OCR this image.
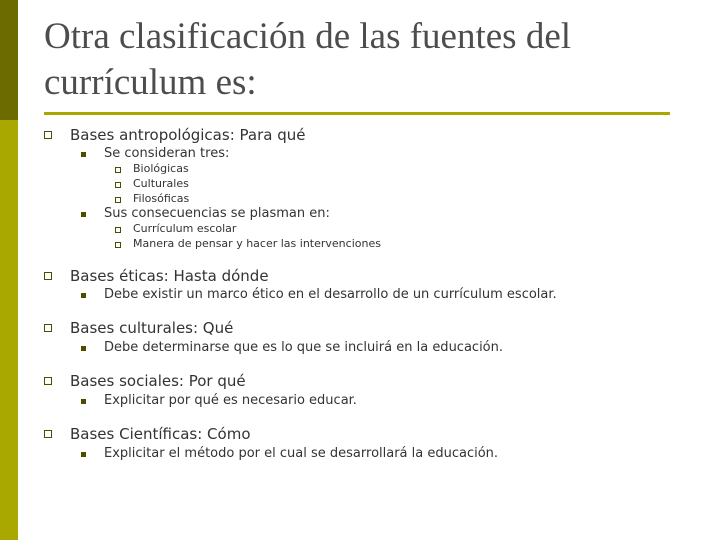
Otra clasificación de las fuentes del currículum es:
Bases antropológicas: Para qué
Se consideran tres:
Biológicas
Culturales
Filosóficas
Sus consecuencias se plasman en:
Currículum escolar
Manera de pensar y hacer las intervenciones
Bases éticas: Hasta dónde
Debe existir un marco ético en el desarrollo de un currículum escolar.
Bases culturales: Qué
Debe determinarse que es lo que se incluirá en la educación.
Bases sociales: Por qué
Explicitar por qué es necesario educar.
Bases Científicas: Cómo
Explicitar el método por el cual se desarrollará la educación.
